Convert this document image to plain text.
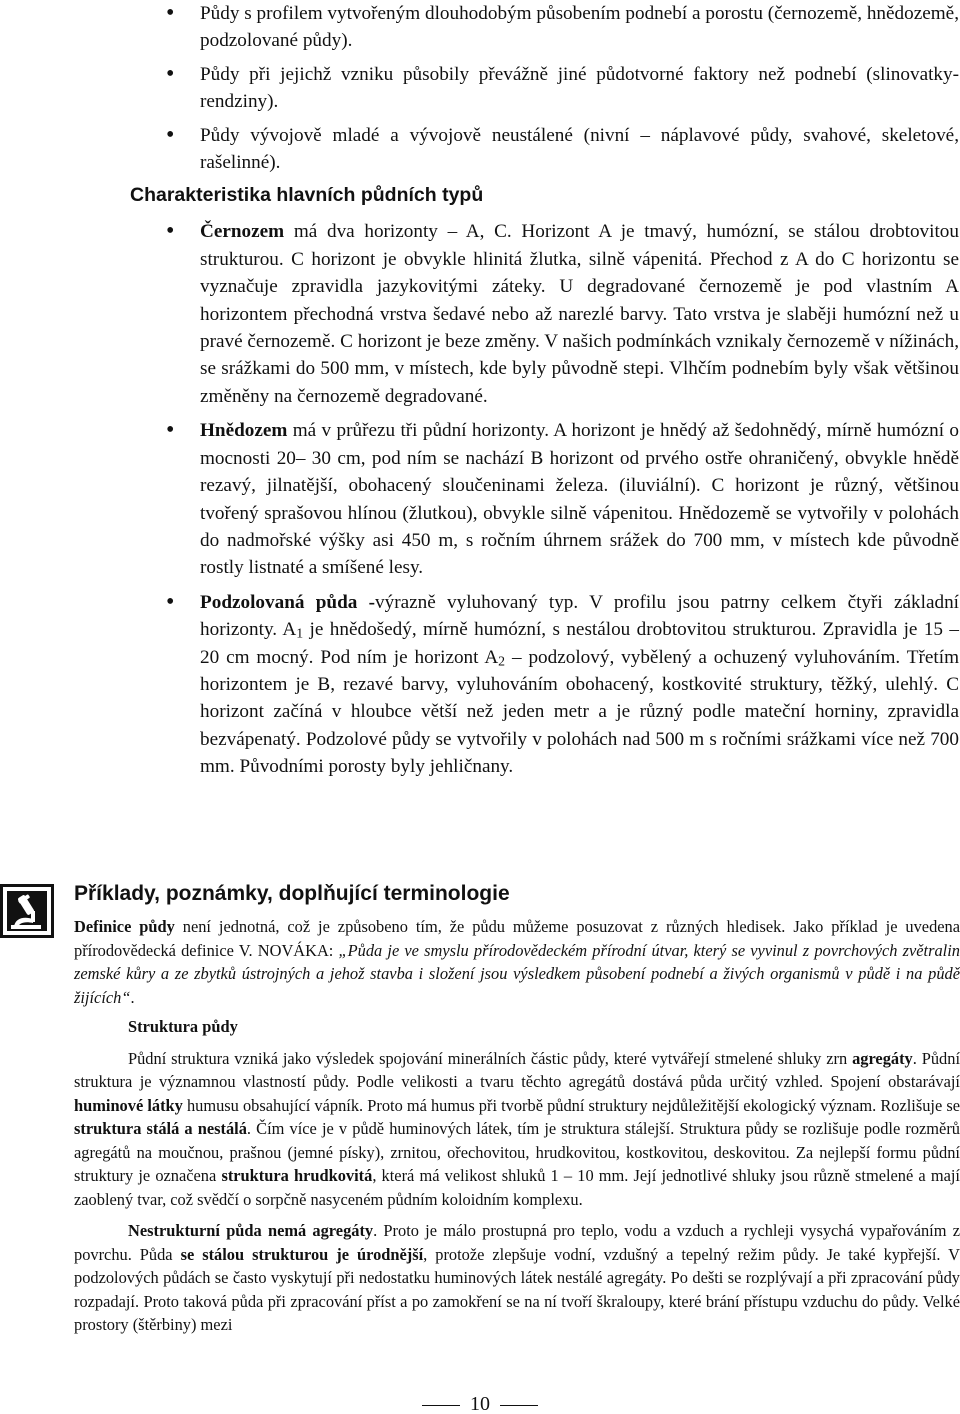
• Půdy s profilem vytvořeným dlouhodobým působením podnebí a porostu (černozemě, hnědozemě, podzolované půdy).

• Půdy při jejichž vzniku působily převážně jiné půdotvorné faktory než podnebí (slinovatky-rendziny).

• Půdy vývojově mladé a vývojově neustálené (nivní – náplavové půdy, svahové, skeletové, rašelinné).

Charakteristika hlavních půdních typů

• Černozem má dva horizonty – A, C. Horizont A je tmavý, humózní, se stálou drobtovitou strukturou. C horizont je obvykle hlinitá žlutka, silně vápenitá. Přechod z A do C horizontu se vyznačuje zpravidla jazykovitými záteky. U degradované černozemě je pod vlastním A horizontem přechodná vrstva šedavé nebo až narezlé barvy. Tato vrstva je slaběji humózní než u pravé černozemě. C horizont je beze změny. V našich podmínkách vznikaly černozemě v nížinách, se srážkami do 500 mm, v místech, kde byly původně stepi. Vlhčím podnebím byly však většinou změněny na černozemě degradované.

• Hnědozem má v průřezu tři půdní horizonty. A horizont je hnědý až šedohnědý, mírně humózní o mocnosti 20– 30 cm, pod ním se nachází B horizont od prvého ostře ohraničený, obvykle hnědě rezavý, jilnatější, obohacený sloučeninami železa. (iluviální). C horizont je různý, většinou tvořený sprašovou hlínou (žlutkou), obvykle silně vápenitou. Hnědozemě se vytvořily v polohách do nadmořské výšky asi 450 m, s ročním úhrnem srážek do 700 mm, v místech kde původně rostly listnaté a smíšené lesy.

• Podzolovaná půda -výrazně vyluhovaný typ. V profilu jsou patrny celkem čtyři základní horizonty. A1 je hnědošedý, mírně humózní, s nestálou drobtovitou strukturou. Zpravidla je 15 – 20 cm mocný. Pod ním je horizont A2 – podzolový, vybělený a ochuzený vyluhováním. Třetím horizontem je B, rezavé barvy, vyluhováním obohacený, kostkovité struktury, těžký, ulehlý. C horizont začíná v hloubce větší než jeden metr a je různý podle mateční horniny, zpravidla bezvápenatý. Podzolové půdy se vytvořily v polohách nad 500 m s ročními srážkami více než 700 mm. Původními porosty byly jehličnany.

Příklady, poznámky, doplňující terminologie

Definice půdy není jednotná, což je způsobeno tím, že půdu můžeme posuzovat z různých hledisek. Jako příklad je uvedena přírodovědecká definice V. NOVÁKA: „Půda je ve smyslu přírodovědeckém přírodní útvar, který se vyvinul z povrchových zvětralin zemské kůry a ze zbytků ústrojných a jehož stavba i složení jsou výsledkem působení podnebí a živých organismů v půdě i na půdě žijících“.

Struktura půdy

Půdní struktura vzniká jako výsledek spojování minerálních částic půdy, které vytvářejí stmelené shluky zrn agregáty. Půdní struktura je významnou vlastností půdy. Podle velikosti a tvaru těchto agregátů dostává půda určitý vzhled. Spojení obstarávají huminové látky humusu obsahující vápník. Proto má humus při tvorbě půdní struktury nejdůležitější ekologický význam. Rozlišuje se struktura stálá a nestálá. Čím více je v půdě huminových látek, tím je struktura stálejší. Struktura půdy se rozlišuje podle rozměrů agregátů na moučnou, prašnou (jemné písky), zrnitou, ořechovitou, hrudkovitou, kostkovitou, deskovitou. Za nejlepší formu půdní struktury je označena struktura hrudkovitá, která má velikost shluků 1 – 10 mm. Její jednotlivé shluky jsou různě stmelené a mají zaoblený tvar, což svědčí o sorpčně nasyceném půdním koloidním komplexu.

Nestrukturní půda nemá agregáty. Proto je málo prostupná pro teplo, vodu a vzduch a rychleji vysychá vypařováním z povrchu. Půda se stálou strukturou je úrodnější, protože zlepšuje vodní, vzdušný a tepelný režim půdy. Je také kypřejší. V podzolových půdách se často vyskytují při nedostatku huminových látek nestálé agregáty. Po dešti se rozplývají a při zpracování půdy rozpadají. Proto taková půda při zpracování příst a po zamokření se na ní tvoří škraloupy, které brání přístupu vzduchu do půdy. Velké prostory (štěrbiny) mezi

10
